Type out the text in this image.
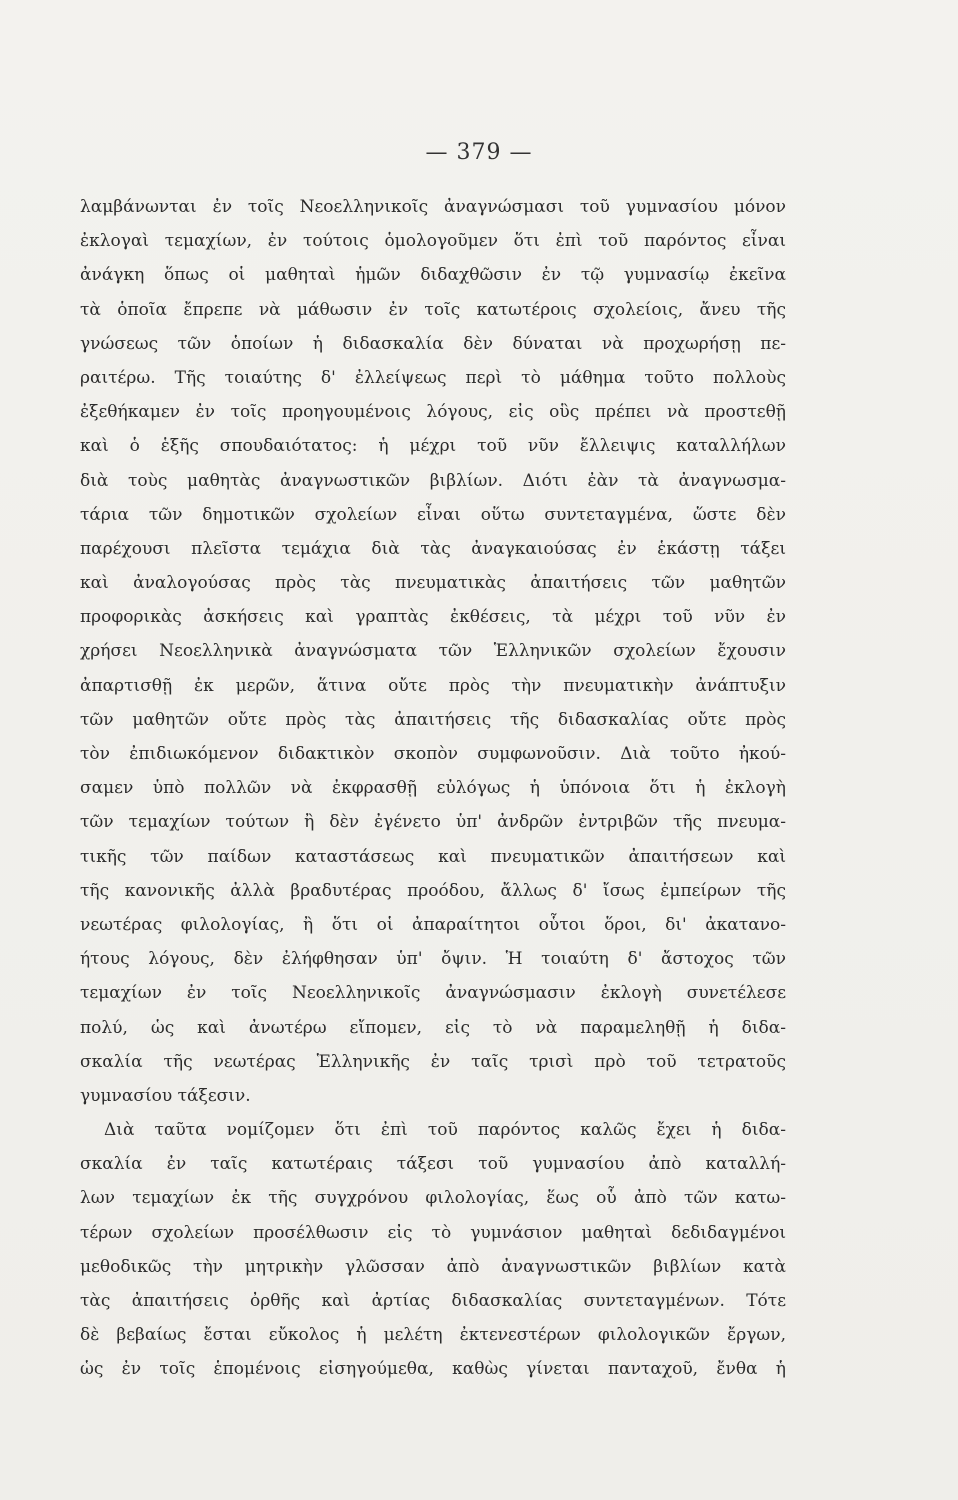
— 379 —
λαμβάνωνται ἐν τοῖς Νεοελληνικοῖς ἀναγνώσμασι τοῦ γυμνασίου μόνον
ἐκλογαὶ τεμαχίων, ἐν τούτοις ὁμολογοῦμεν ὅτι ἐπὶ τοῦ παρόντος εἶναι
ἀνάγκη ὅπως οἱ μαθηταὶ ἡμῶν διδαχθῶσιν ἐν τῷ γυμνασίῳ ἐκεῖνα
τὰ ὁποῖα ἔπρεπε νὰ μάθωσιν ἐν τοῖς κατωτέροις σχολείοις, ἄνευ τῆς
γνώσεως τῶν ὁποίων ἡ διδασκαλία δὲν δύναται νὰ προχωρήσῃ πε-
ραιτέρω. Τῆς τοιαύτης δ' ἐλλείψεως περὶ τὸ μάθημα τοῦτο πολλοὺς
ἐξεθήκαμεν ἐν τοῖς προηγουμένοις λόγους, εἰς οὓς πρέπει νὰ προστεθῇ
καὶ ὁ ἑξῆς σπουδαιότατος: ἡ μέχρι τοῦ νῦν ἔλλειψις καταλλήλων
διὰ τοὺς μαθητὰς ἀναγνωστικῶν βιβλίων. Διότι ἐὰν τὰ ἀναγνωσμα-
τάρια τῶν δημοτικῶν σχολείων εἶναι οὕτω συντεταγμένα, ὥστε δὲν
παρέχουσι πλεῖστα τεμάχια διὰ τὰς ἀναγκαιούσας ἐν ἑκάστῃ τάξει
καὶ ἀναλογούσας πρὸς τὰς πνευματικὰς ἀπαιτήσεις τῶν μαθητῶν
προφορικὰς ἀσκήσεις καὶ γραπτὰς ἐκθέσεις, τὰ μέχρι τοῦ νῦν ἐν
χρήσει Νεοελληνικὰ ἀναγνώσματα τῶν Ἑλληνικῶν σχολείων ἔχουσιν
ἀπαρτισθῇ ἐκ μερῶν, ἅτινα οὔτε πρὸς τὴν πνευματικὴν ἀνάπτυξιν
τῶν μαθητῶν οὔτε πρὸς τὰς ἀπαιτήσεις τῆς διδασκαλίας οὔτε πρὸς
τὸν ἐπιδιωκόμενον διδακτικὸν σκοπὸν συμφωνοῦσιν. Διὰ τοῦτο ἠκού-
σαμεν ὑπὸ πολλῶν νὰ ἐκφρασθῇ εὐλόγως ἡ ὑπόνοια ὅτι ἡ ἐκλογὴ
τῶν τεμαχίων τούτων ἢ δὲν ἐγένετο ὑπ' ἀνδρῶν ἐντριβῶν τῆς πνευμα-
τικῆς τῶν παίδων καταστάσεως καὶ πνευματικῶν ἀπαιτήσεων καὶ
τῆς κανονικῆς ἀλλὰ βραδυτέρας προόδου, ἄλλως δ' ἴσως ἐμπείρων τῆς
νεωτέρας φιλολογίας, ἢ ὅτι οἱ ἀπαραίτητοι οὗτοι ὅροι, δι' ἀκατανο-
ήτους λόγους, δὲν ἐλήφθησαν ὑπ' ὄψιν. Ἡ τοιαύτη δ' ἄστοχος τῶν
τεμαχίων ἐν τοῖς Νεοελληνικοῖς ἀναγνώσμασιν ἐκλογὴ συνετέλεσε
πολύ, ὡς καὶ ἀνωτέρω εἴπομεν, εἰς τὸ νὰ παραμεληθῇ ἡ διδα-
σκαλία τῆς νεωτέρας Ἑλληνικῆς ἐν ταῖς τρισὶ πρὸ τοῦ τετρατοῦς
γυμνασίου τάξεσιν.
Διὰ ταῦτα νομίζομεν ὅτι ἐπὶ τοῦ παρόντος καλῶς ἔχει ἡ διδα-
σκαλία ἐν ταῖς κατωτέραις τάξεσι τοῦ γυμνασίου ἀπὸ καταλλή-
λων τεμαχίων ἐκ τῆς συγχρόνου φιλολογίας, ἕως οὗ ἀπὸ τῶν κατω-
τέρων σχολείων προσέλθωσιν εἰς τὸ γυμνάσιον μαθηταὶ δεδιδαγμένοι
μεθοδικῶς τὴν μητρικὴν γλῶσσαν ἀπὸ ἀναγνωστικῶν βιβλίων κατὰ
τὰς ἀπαιτήσεις ὀρθῆς καὶ ἀρτίας διδασκαλίας συντεταγμένων. Τότε
δὲ βεβαίως ἔσται εὔκολος ἡ μελέτη ἐκτενεστέρων φιλολογικῶν ἔργων,
ὡς ἐν τοῖς ἑπομένοις εἰσηγούμεθα, καθὼς γίνεται πανταχοῦ, ἔνθα ἡ
